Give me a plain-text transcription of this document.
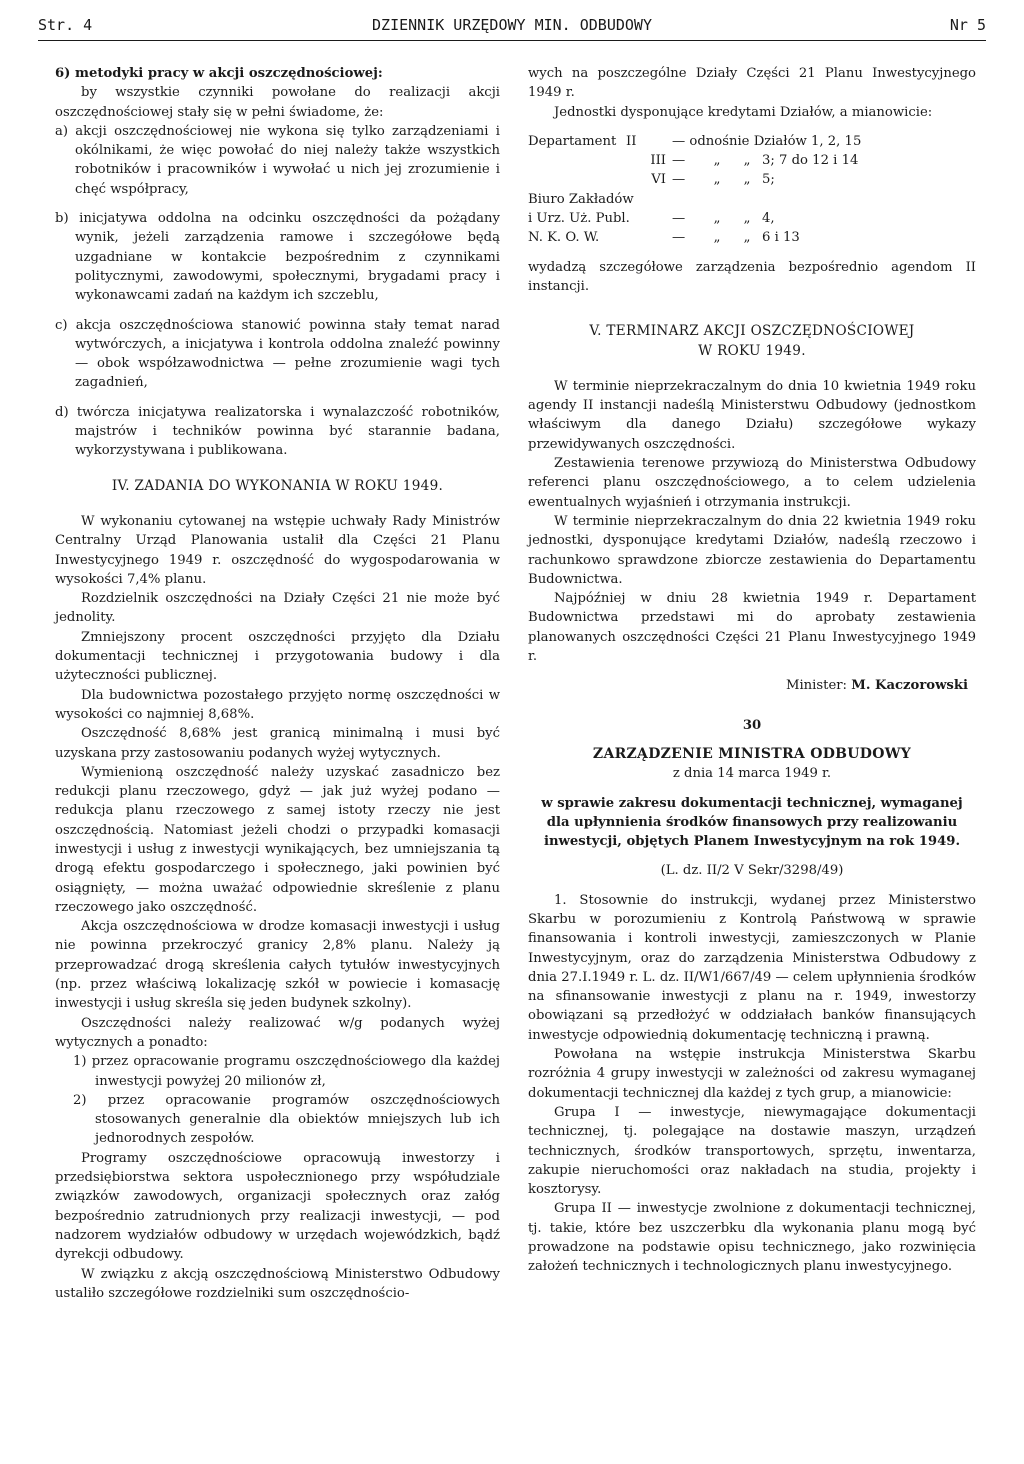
Str. 4	DZIENNIK URZĘDOWY MIN. ODBUDOWY	Nr 5

6) metodyki pracy w akcji oszczędnościowej:

by wszystkie czynniki powołane do realizacji akcji oszczędnościowej stały się w pełni świadome, że:

a) akcji oszczędnościowej nie wykona się tylko zarządzeniami i okólnikami, że więc powołać do niej należy także wszystkich robotników i pracowników i wywołać u nich jej zrozumienie i chęć współpracy,

b) inicjatywa oddolna na odcinku oszczędności da pożądany wynik, jeżeli zarządzenia ramowe i szczegółowe będą uzgadniane w kontakcie bezpośrednim z czynnikami politycznymi, zawodowymi, społecznymi, brygadami pracy i wykonawcami zadań na każdym ich szczeblu,

c) akcja oszczędnościowa stanowić powinna stały temat narad wytwórczych, a inicjatywa i kontrola oddolna znaleźć powinny — obok współzawodnictwa — pełne zrozumienie wagi tych zagadnień,

d) twórcza inicjatywa realizatorska i wynalazczość robotników, majstrów i techników powinna być starannie badana, wykorzystywana i publikowana.

IV. ZADANIA DO WYKONANIA W ROKU 1949.

W wykonaniu cytowanej na wstępie uchwały Rady Ministrów Centralny Urząd Planowania ustalił dla Części 21 Planu Inwestycyjnego 1949 r. oszczędność do wygospodarowania w wysokości 7,4% planu.

Rozdzielnik oszczędności na Działy Części 21 nie może być jednolity.

Zmniejszony procent oszczędności przyjęto dla Działu dokumentacji technicznej i przygotowania budowy i dla użyteczności publicznej.

Dla budownictwa pozostałego przyjęto normę oszczędności w wysokości co najmniej 8,68%.

Oszczędność 8,68% jest granicą minimalną i musi być uzyskana przy zastosowaniu podanych wyżej wytycznych.

Wymienioną oszczędność należy uzyskać zasadniczo bez redukcji planu rzeczowego, gdyż — jak już wyżej podano — redukcja planu rzeczowego z samej istoty rzeczy nie jest oszczędnością. Natomiast jeżeli chodzi o przypadki komasacji inwestycji i usług z inwestycji wynikających, bez umniejszania tą drogą efektu gospodarczego i społecznego, jaki powinien być osiągnięty, — można uważać odpowiednie skreślenie z planu rzeczowego jako oszczędność.

Akcja oszczędnościowa w drodze komasacji inwestycji i usług nie powinna przekroczyć granicy 2,8% planu. Należy ją przeprowadzać drogą skreślenia całych tytułów inwestycyjnych (np. przez właściwą lokalizację szkół w powiecie i komasację inwestycji i usług skreśla się jeden budynek szkolny).

Oszczędności należy realizować w/g podanych wyżej wytycznych a ponadto:

1) przez opracowanie programu oszczędnościowego dla każdej inwestycji powyżej 20 milionów zł,

2) przez opracowanie programów oszczędnościowych stosowanych generalnie dla obiektów mniejszych lub ich jednorodnych zespołów.

Programy oszczędnościowe opracowują inwestorzy i przedsiębiorstwa sektora uspołecznionego przy współudziale związków zawodowych, organizacji społecznych oraz załóg bezpośrednio zatrudnionych przy realizacji inwestycji, — pod nadzorem wydziałów odbudowy w urzędach wojewódzkich, bądź dyrekcji odbudowy.

W związku z akcją oszczędnościową Ministerstwo Odbudowy ustaliło szczegółowe rozdzielniki sum oszczędnościo-

wych na poszczególne Działy Części 21 Planu Inwestycyjnego 1949 r.

Jednostki dysponujące kredytami Działów, a mianowicie:

Departament	II	— odnośnie Działów 1, 2, 15			
	III	—	„	„	3; 7 do 12 i 14
	VI	—	„	„	5;
Biuro Zakładów					
i Urz. Uż. Publ.		—	„	„	4,
N. K. O. W.		—	„	„	6 i 13

wydadzą szczegółowe zarządzenia bezpośrednio agendom II instancji.

V. TERMINARZ AKCJI OSZCZĘDNOŚCIOWEJ

W ROKU 1949.

W terminie nieprzekraczalnym do dnia 10 kwietnia 1949 roku agendy II instancji nadeślą Ministerstwu Odbudowy (jednostkom właściwym dla danego Działu) szczegółowe wykazy przewidywanych oszczędności.

Zestawienia terenowe przywiozą do Ministerstwa Odbudowy referenci planu oszczędnościowego, a to celem udzielenia ewentualnych wyjaśnień i otrzymania instrukcji.

W terminie nieprzekraczalnym do dnia 22 kwietnia 1949 roku jednostki, dysponujące kredytami Działów, nadeślą rzeczowo i rachunkowo sprawdzone zbiorcze zestawienia do Departamentu Budownictwa.

Najpóźniej w dniu 28 kwietnia 1949 r. Departament Budownictwa przedstawi mi do aprobaty zestawienia planowanych oszczędności Części 21 Planu Inwestycyjnego 1949 r.

Minister: M. Kaczorowski

30

ZARZĄDZENIE MINISTRA ODBUDOWY

z dnia 14 marca 1949 r.

w sprawie zakresu dokumentacji technicznej, wymaganej dla upłynnienia środków finansowych przy realizowaniu inwestycji, objętych Planem Inwestycyjnym na rok 1949.

(L. dz. II/2 V Sekr/3298/49)

1. Stosownie do instrukcji, wydanej przez Ministerstwo Skarbu w porozumieniu z Kontrolą Państwową w sprawie finansowania i kontroli inwestycji, zamieszczonych w Planie Inwestycyjnym, oraz do zarządzenia Ministerstwa Odbudowy z dnia 27.I.1949 r. L. dz. II/W1/667/49 — celem upłynnienia środków na sfinansowanie inwestycji z planu na r. 1949, inwestorzy obowiązani są przedłożyć w oddziałach banków finansujących inwestycje odpowiednią dokumentację techniczną i prawną.

Powołana na wstępie instrukcja Ministerstwa Skarbu rozróżnia 4 grupy inwestycji w zależności od zakresu wymaganej dokumentacji technicznej dla każdej z tych grup, a mianowicie:

Grupa I — inwestycje, niewymagające dokumentacji technicznej, tj. polegające na dostawie maszyn, urządzeń technicznych, środków transportowych, sprzętu, inwentarza, zakupie nieruchomości oraz nakładach na studia, projekty i kosztorysy.

Grupa II — inwestycje zwolnione z dokumentacji technicznej, tj. takie, które bez uszczerbku dla wykonania planu mogą być prowadzone na podstawie opisu technicznego, jako rozwinięcia założeń technicznych i technologicznych planu inwestycyjnego.
